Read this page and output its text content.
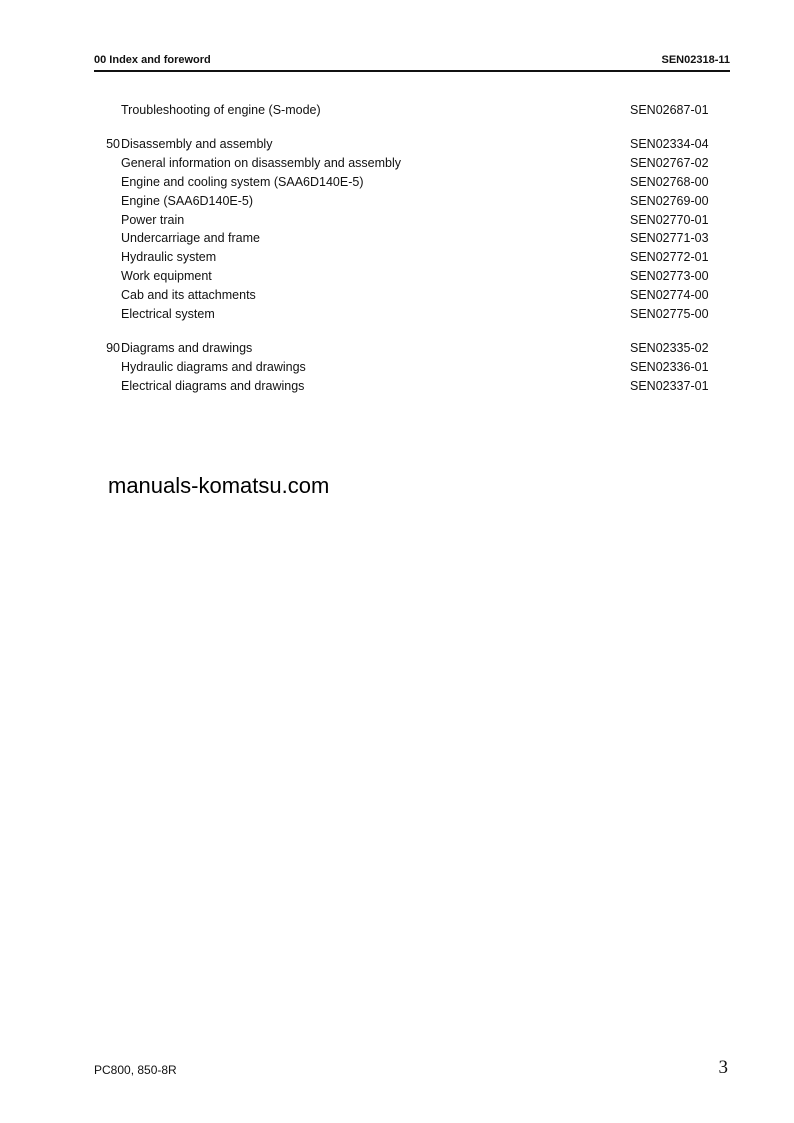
00 Index and foreword	SEN02318-11
Troubleshooting of engine (S-mode)	SEN02687-01
50 Disassembly and assembly	SEN02334-04
General information on disassembly and assembly	SEN02767-02
Engine and cooling system (SAA6D140E-5)	SEN02768-00
Engine (SAA6D140E-5)	SEN02769-00
Power train	SEN02770-01
Undercarriage and frame	SEN02771-03
Hydraulic system	SEN02772-01
Work equipment	SEN02773-00
Cab and its attachments	SEN02774-00
Electrical system	SEN02775-00
90 Diagrams and drawings	SEN02335-02
Hydraulic diagrams and drawings	SEN02336-01
Electrical diagrams and drawings	SEN02337-01
manuals-komatsu.com
PC800, 850-8R	3
